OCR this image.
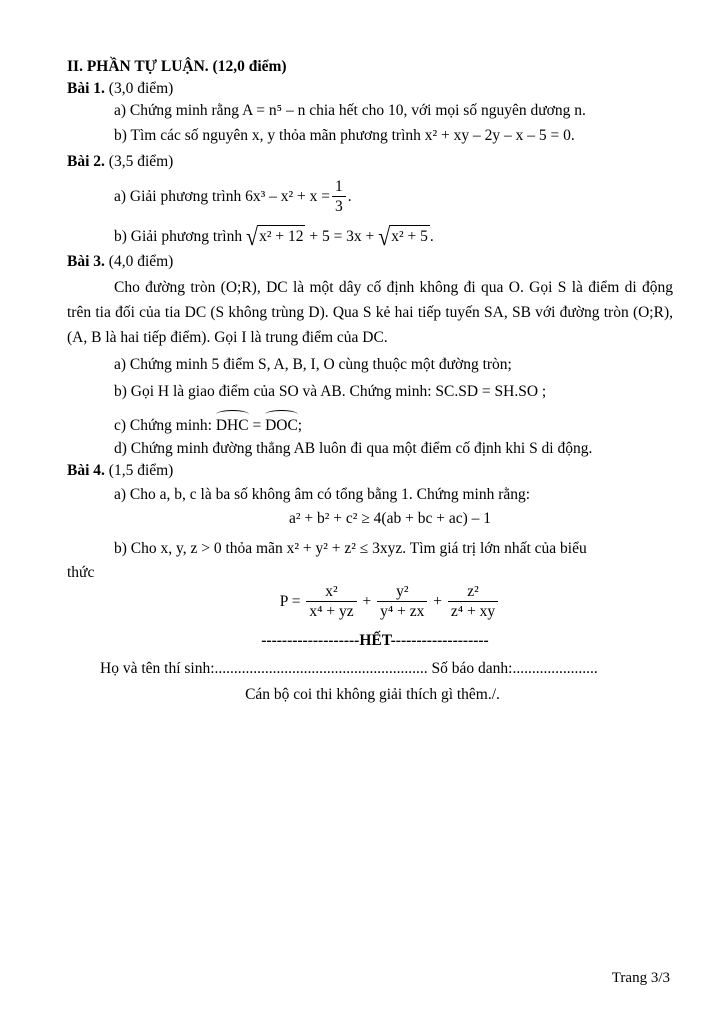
II. PHẦN TỰ LUẬN. (12,0 điểm)
Bài 1. (3,0 điểm)
a) Chứng minh rằng A = n⁵ – n chia hết cho 10, với mọi số nguyên dương n.
b) Tìm các số nguyên x, y thỏa mãn phương trình x² + xy – 2y – x – 5 = 0.
Bài 2. (3,5 điểm)
a) Giải phương trình $6x^3 - x^2 + x = \frac{1}{3}$ .
b) Giải phương trình √ x² + 12 + 5 = 3x + √ x² + 5 .
Bài 3. (4,0 điểm)
Cho đường tròn (O;R), DC là một dây cố định không đi qua O. Gọi S là điểm di động trên tia đối của tia DC (S không trùng D). Qua S kẻ hai tiếp tuyến SA, SB với đường tròn (O;R), (A, B là hai tiếp điểm). Gọi I là trung điểm của DC.
a) Chứng minh 5 điểm S, A, B, I, O cùng thuộc một đường tròn;
b) Gọi H là giao điểm của SO và AB. Chứng minh: SC.SD = SH.SO ;
c) Chứng minh: DHC = DOC;
d) Chứng minh đường thẳng AB luôn đi qua một điểm cố định khi S di động.
Bài 4. (1,5 điểm)
a) Cho a, b, c là ba số không âm có tổng bằng 1. Chứng minh rằng:
a² + b² + c² ≥ 4(ab + bc + ac) – 1
b) Cho x, y, z > 0 thỏa mãn x² + y² + z² ≤ 3xyz. Tìm giá trị lớn nhất của biểu
thức
$P = \frac{\text{x²}}{\text{x⁴ + yz}} + \frac{\text{y²}}{\text{y⁴ + zx}} + \frac{\text{z²}}{\text{z⁴ + xy}}$
-------------------HẾT-------------------
Họ và tên thí sinh:....................................................... Số báo danh:......................
Cán bộ coi thi không giải thích gì thêm./.
Trang 3/3
